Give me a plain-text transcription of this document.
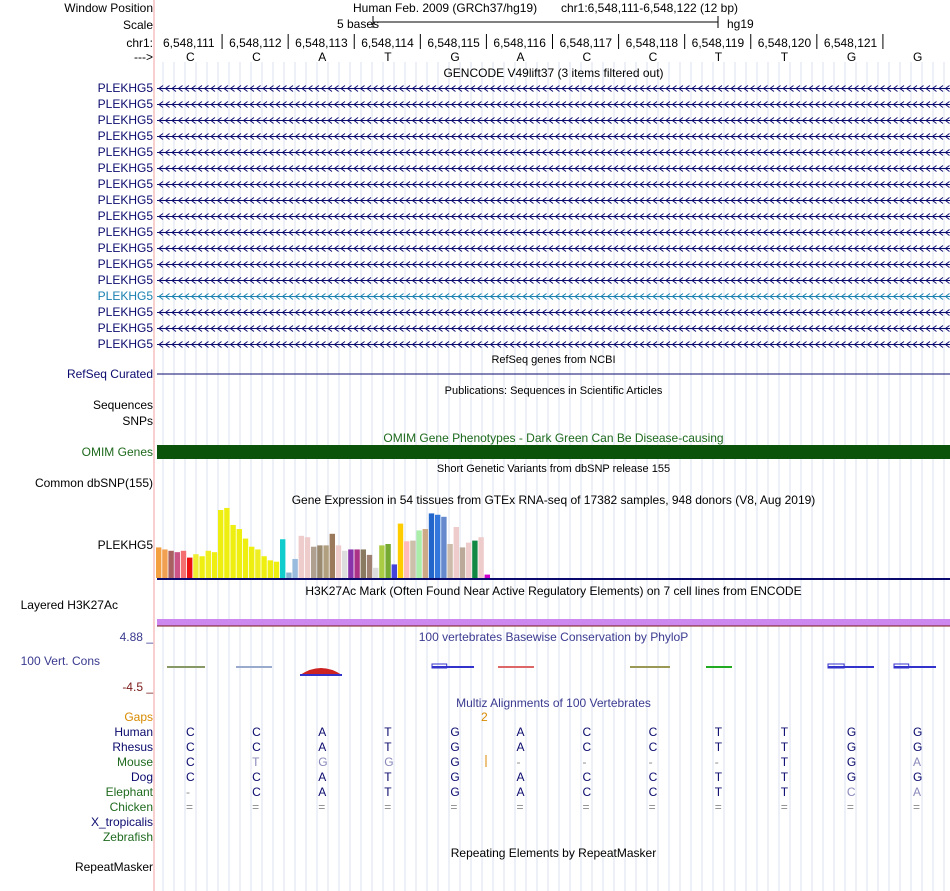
Window Position
Scale
chr1:
--->
Human Feb. 2009 (GRCh37/hg19) chr1:6,548,111-6,548,122 (12 bp)
5 bases	hg19
6,548,111 6,548,112 6,548,113 6,548,114 6,548,115 6,548,116 6,548,117 6,548,118 6,548,119 6,548,120 6,548,121
C	C	A	T	G	A	C	C	T	T	G	G
GENCODE V49lift37 (3 items filtered out)
PLEKHG5
PLEKHG5
PLEKHG5
PLEKHG5
PLEKHG5
PLEKHG5
PLEKHG5
PLEKHG5
PLEKHG5
PLEKHG5
PLEKHG5
PLEKHG5
PLEKHG5
PLEKHG5
PLEKHG5
PLEKHG5
PLEKHG5
RefSeq genes from NCBI
RefSeq Curated
Publications: Sequences in Scientific Articles
Sequences
SNPs
OMIM Gene Phenotypes - Dark Green Can Be Disease-causing
OMIM Genes
Short Genetic Variants from dbSNP release 155
Common dbSNP(155)
Gene Expression in 54 tissues from GTEx RNA-seq of 17382 samples, 948 donors (V8, Aug 2019)
PLEKHG5
H3K27Ac Mark (Often Found Near Active Regulatory Elements) on 7 cell lines from ENCODE
Layered H3K27Ac
100 vertebrates Basewise Conservation by PhyloP
4.88 _
100 Vert. Cons
-4.5 _
Multiz Alignments of 100 Vertebrates
Gaps	2
Human	C	C	A	T	G	A	C	C	T	T	G	G
Rhesus	C	C	A	T	G	A	C	C	T	T	G	G
Mouse	C	T	G	G	G	-	-	-	-	T	G	A
Dog	C	C	A	T	G	A	C	C	T	T	G	G
Elephant	-	C	A	T	G	A	C	C	T	T	C	A
Chicken	=	=	=	=	=	=	=	=	=	=	=	=
X_tropicalis
Zebrafish
Repeating Elements by RepeatMasker
RepeatMasker
